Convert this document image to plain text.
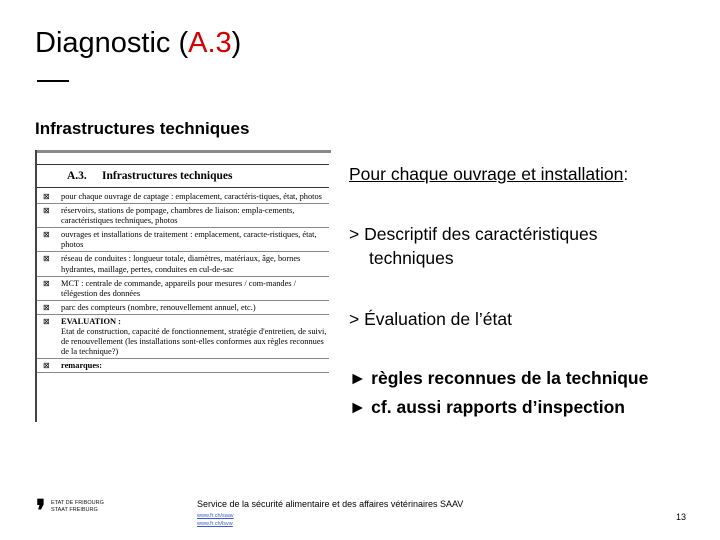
Diagnostic (A.3)
Infrastructures techniques
A.3. Infrastructures techniques
⊠ pour chaque ouvrage de captage : emplacement, caractéris-tiques, état, photos
⊠ réservoirs, stations de pompage, chambres de liaison: empla-cements, caractéristiques techniques, photos
⊠ ouvrages et installations de traitement : emplacement, caracte-ristiques, état, photos
⊠ réseau de conduites : longueur totale, diamètres, matériaux, âge, bornes hydrantes, maillage, pertes, conduites en cul-de-sac
⊠ MCT : centrale de commande, appareils pour mesures / com-mandes / télégestion des données
⊠ parc des compteurs (nombre, renouvellement annuel, etc.)
⊠ EVALUATION :
Etat de construction, capacité de fonctionnement, stratégie d'entretien, de suivi, de renouvellement (les installations sont-elles conformes aux règles reconnues de la technique?)
⊠ remarques:
Pour chaque ouvrage et installation:
> Descriptif des caractéristiques
techniques
> Évaluation de l’état
► règles reconnues de la technique
► cf. aussi rapports d’inspection
❜ ETAT DE FRIBOURG
STAAT FREIBURG
Service de la sécurité alimentaire et des affaires vétérinaires SAAV
www.fr.ch/saav
www.fr.ch/lsvw
13
